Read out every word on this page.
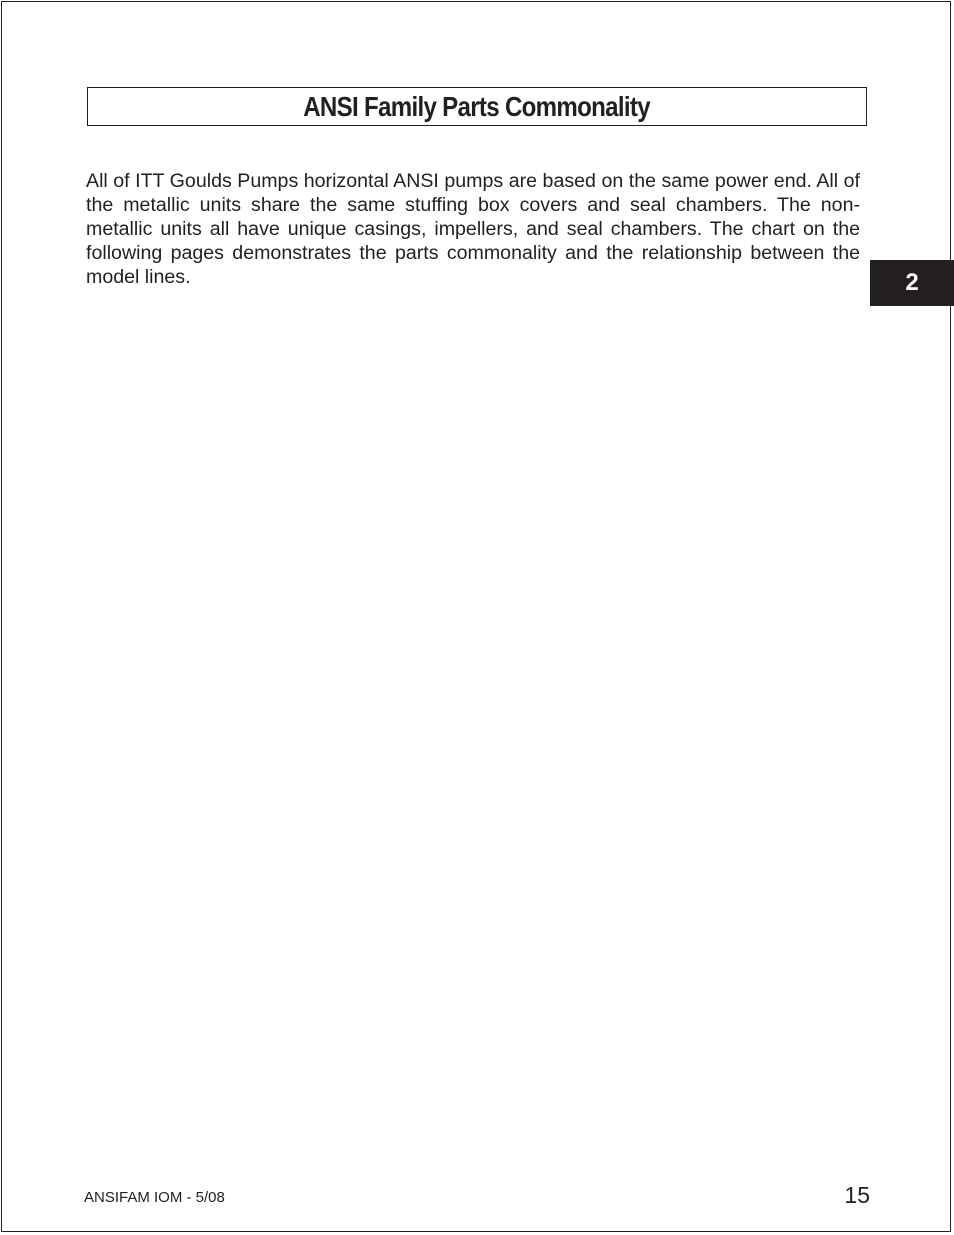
ANSI Family Parts Commonality

All of ITT Goulds Pumps horizontal ANSI pumps are based on the same power end. All of the metallic units share the same stuffing box covers and seal chambers. The non-metallic units all have unique casings, impellers, and seal chambers. The chart on the following pages demonstrates the parts commonality and the relationship between the model lines.	2
ANSIFAM IOM - 5/08	15
